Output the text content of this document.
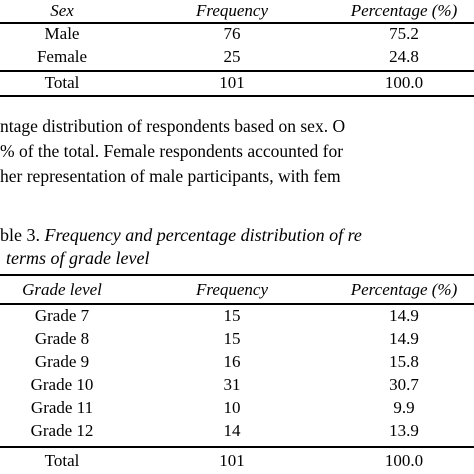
Sex	Frequency	Percentage (%)
Male	76	75.2
Female	25	24.8
Total	101	100.0
ntage distribution of respondents based on sex. O
% of the total. Female respondents accounted for
her representation of male participants, with fem
ble 3. Frequency and percentage distribution of re
terms of grade level
Grade level	Frequency	Percentage (%)
Grade 7	15	14.9
Grade 8	15	14.9
Grade 9	16	15.8
Grade 10	31	30.7
Grade 11	10	9.9
Grade 12	14	13.9
Total	101	100.0
